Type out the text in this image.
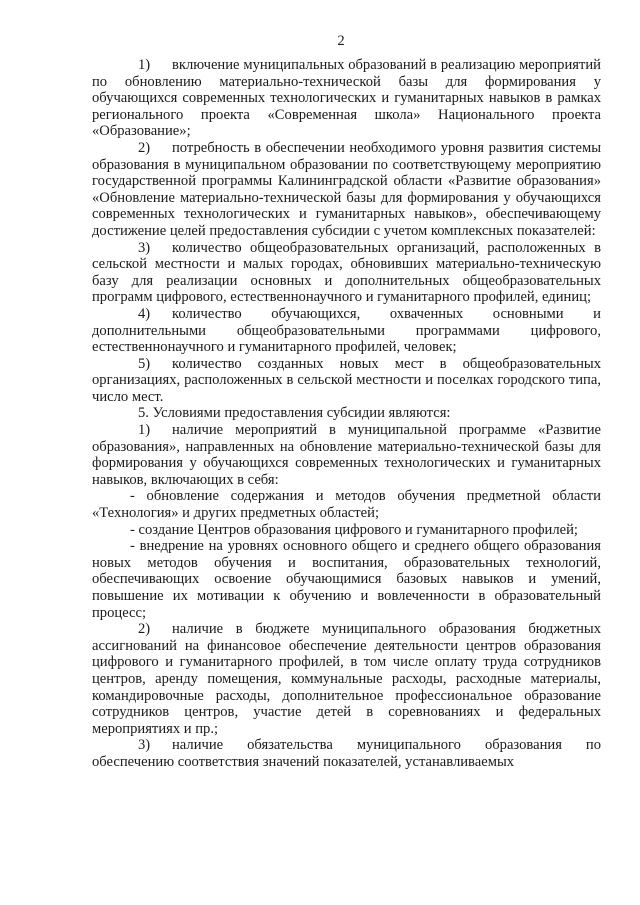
2

1) включение муниципальных образований в реализацию мероприятий по обновлению материально-технической базы для формирования у обучающихся современных технологических и гуманитарных навыков в рамках регионального проекта «Современная школа» Национального проекта «Образование»;

2) потребность в обеспечении необходимого уровня развития системы образования в муниципальном образовании по соответствующему мероприятию государственной программы Калининградской области «Развитие образования» «Обновление материально-технической базы для формирования у обучающихся современных технологических и гуманитарных навыков», обеспечивающему достижение целей предоставления субсидии с учетом комплексных показателей:

3) количество общеобразовательных организаций, расположенных в сельской местности и малых городах, обновивших материально-техническую базу для реализации основных и дополнительных общеобразовательных программ цифрового, естественнонаучного и гуманитарного профилей, единиц;

4) количество обучающихся, охваченных основными и дополнительными общеобразовательными программами цифрового, естественнонаучного и гуманитарного профилей, человек;

5) количество созданных новых мест в общеобразовательных организациях, расположенных в сельской местности и поселках городского типа, число мест.

5. Условиями предоставления субсидии являются:

1) наличие мероприятий в муниципальной программе «Развитие образования», направленных на обновление материально-технической базы для формирования у обучающихся современных технологических и гуманитарных навыков, включающих в себя:

- обновление содержания и методов обучения предметной области «Технология» и других предметных областей;

- создание Центров образования цифрового и гуманитарного профилей;

- внедрение на уровнях основного общего и среднего общего образования новых методов обучения и воспитания, образовательных технологий, обеспечивающих освоение обучающимися базовых навыков и умений, повышение их мотивации к обучению и вовлеченности в образовательный процесс;

2) наличие в бюджете муниципального образования бюджетных ассигнований на финансовое обеспечение деятельности центров образования цифрового и гуманитарного профилей, в том числе оплату труда сотрудников центров, аренду помещения, коммунальные расходы, расходные материалы, командировочные расходы, дополнительное профессиональное образование сотрудников центров, участие детей в соревнованиях и федеральных мероприятиях и пр.;

3) наличие обязательства муниципального образования по обеспечению соответствия значений показателей, устанавливаемых
